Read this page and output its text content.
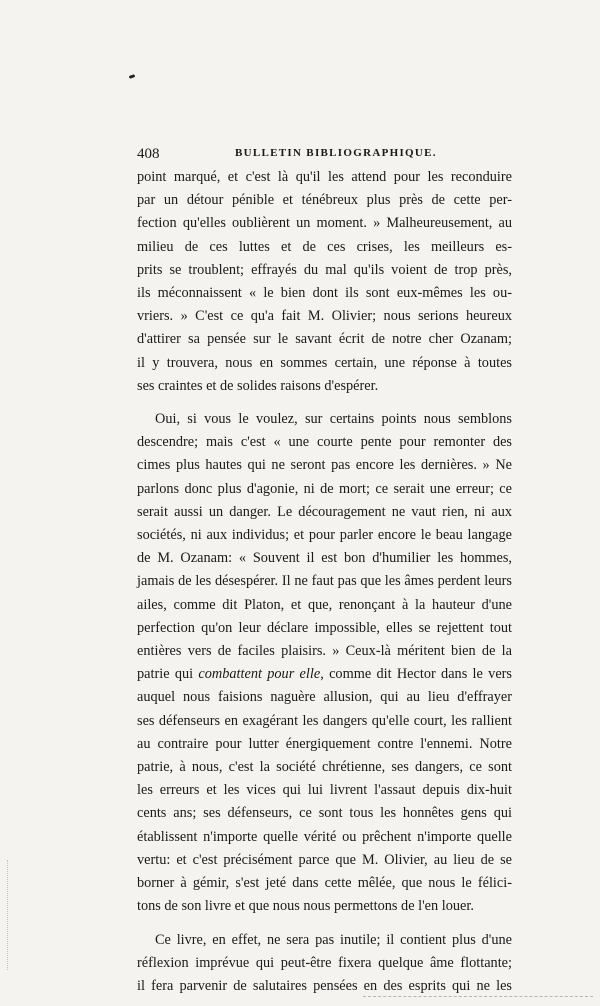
408	BULLETIN BIBLIOGRAPHIQUE.
point marqué, et c'est là qu'il les attend pour les reconduire
par un détour pénible et ténébreux plus près de cette per-
fection qu'elles oublièrent un moment. » Malheureusement, au
milieu de ces luttes et de ces crises, les meilleurs es-
prits se troublent; effrayés du mal qu'ils voient de trop près,
ils méconnaissent « le bien dont ils sont eux-mêmes les ou-
vriers. » C'est ce qu'a fait M. Olivier; nous serions heureux
d'attirer sa pensée sur le savant écrit de notre cher Ozanam;
il y trouvera, nous en sommes certain, une réponse à toutes
ses craintes et de solides raisons d'espérer.
Oui, si vous le voulez, sur certains points nous semblons
descendre; mais c'est « une courte pente pour remonter des
cimes plus hautes qui ne seront pas encore les dernières. » Ne
parlons donc plus d'agonie, ni de mort; ce serait une erreur; ce
serait aussi un danger. Le découragement ne vaut rien, ni aux
sociétés, ni aux individus; et pour parler encore le beau langage
de M. Ozanam: « Souvent il est bon d'humilier les hommes,
jamais de les désespérer. Il ne faut pas que les âmes perdent leurs
ailes, comme dit Platon, et que, renonçant à la hauteur d'une
perfection qu'on leur déclare impossible, elles se rejettent tout
entières vers de faciles plaisirs. » Ceux-là méritent bien de la
patrie qui combattent pour elle, comme dit Hector dans le vers
auquel nous faisions naguère allusion, qui au lieu d'effrayer
ses défenseurs en exagérant les dangers qu'elle court, les rallient
au contraire pour lutter énergiquement contre l'ennemi. Notre
patrie, à nous, c'est la société chrétienne, ses dangers, ce sont
les erreurs et les vices qui lui livrent l'assaut depuis dix-huit
cents ans; ses défenseurs, ce sont tous les honnêtes gens qui
établissent n'importe quelle vérité ou prêchent n'importe quelle
vertu: et c'est précisément parce que M. Olivier, au lieu de se
borner à gémir, s'est jeté dans cette mêlée, que nous le félici-
tons de son livre et que nous nous permettons de l'en louer.
Ce livre, en effet, ne sera pas inutile; il contient plus d'une
réflexion imprévue qui peut-être fixera quelque âme flottante;
il fera parvenir de salutaires pensées en des esprits qui ne les
